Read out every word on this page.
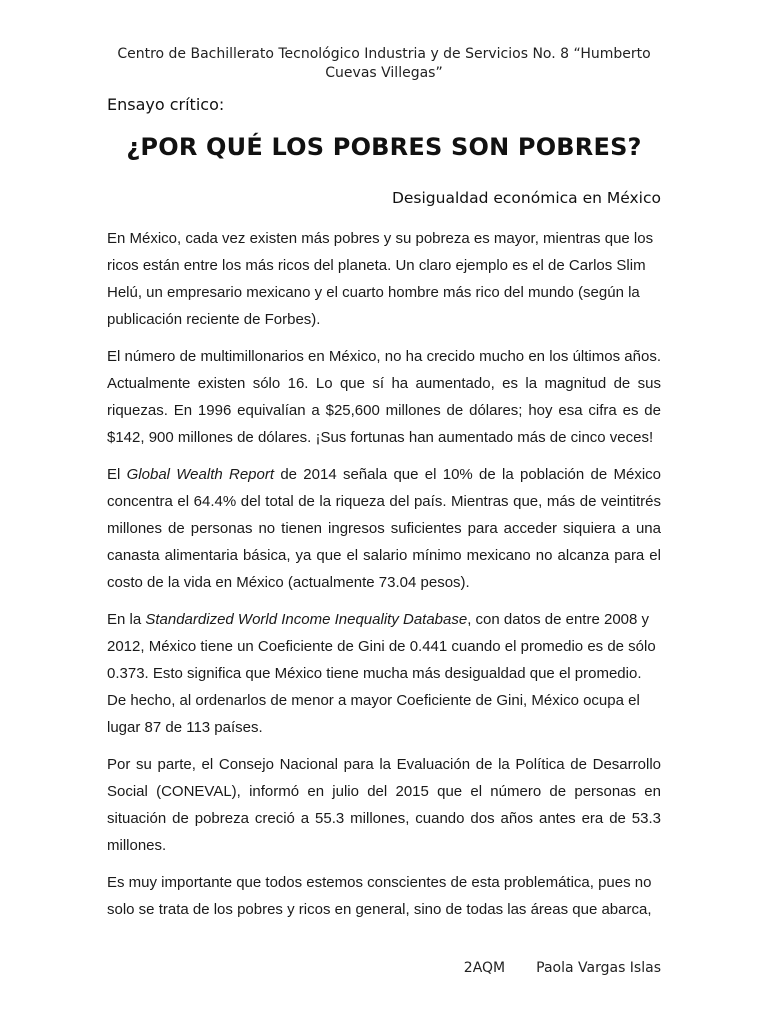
Centro de Bachillerato Tecnológico Industria y de Servicios No. 8 “Humberto
Cuevas Villegas”
Ensayo crítico:
¿POR QUÉ LOS POBRES SON POBRES?
Desigualdad económica en México

En México, cada vez existen más pobres y su pobreza es mayor, mientras que los ricos están entre los más ricos del planeta. Un claro ejemplo es el de Carlos Slim Helú, un empresario mexicano y el cuarto hombre más rico del mundo (según la publicación reciente de Forbes).

El número de multimillonarios en México, no ha crecido mucho en los últimos años. Actualmente existen sólo 16. Lo que sí ha aumentado, es la magnitud de sus riquezas. En 1996 equivalían a $25,600 millones de dólares; hoy esa cifra es de $142, 900 millones de dólares. ¡Sus fortunas han aumentado más de cinco veces!

El Global Wealth Report de 2014 señala que el 10% de la población de México concentra el 64.4% del total de la riqueza del país. Mientras que, más de veintitrés millones de personas no tienen ingresos suficientes para acceder siquiera a una canasta alimentaria básica, ya que el salario mínimo mexicano no alcanza para el costo de la vida en México (actualmente 73.04 pesos).

En la Standardized World Income Inequality Database, con datos de entre 2008 y 2012, México tiene un Coeficiente de Gini de 0.441 cuando el promedio es de sólo 0.373. Esto significa que México tiene mucha más desigualdad que el promedio. De hecho, al ordenarlos de menor a mayor Coeficiente de Gini, México ocupa el lugar 87 de 113 países.

Por su parte, el Consejo Nacional para la Evaluación de la Política de Desarrollo Social (CONEVAL), informó en julio del 2015 que el número de personas en situación de pobreza creció a 55.3 millones, cuando dos años antes era de 53.3 millones.

Es muy importante que todos estemos conscientes de esta problemática, pues no solo se trata de los pobres y ricos en general, sino de todas las áreas que abarca,

2AQM Paola Vargas Islas
